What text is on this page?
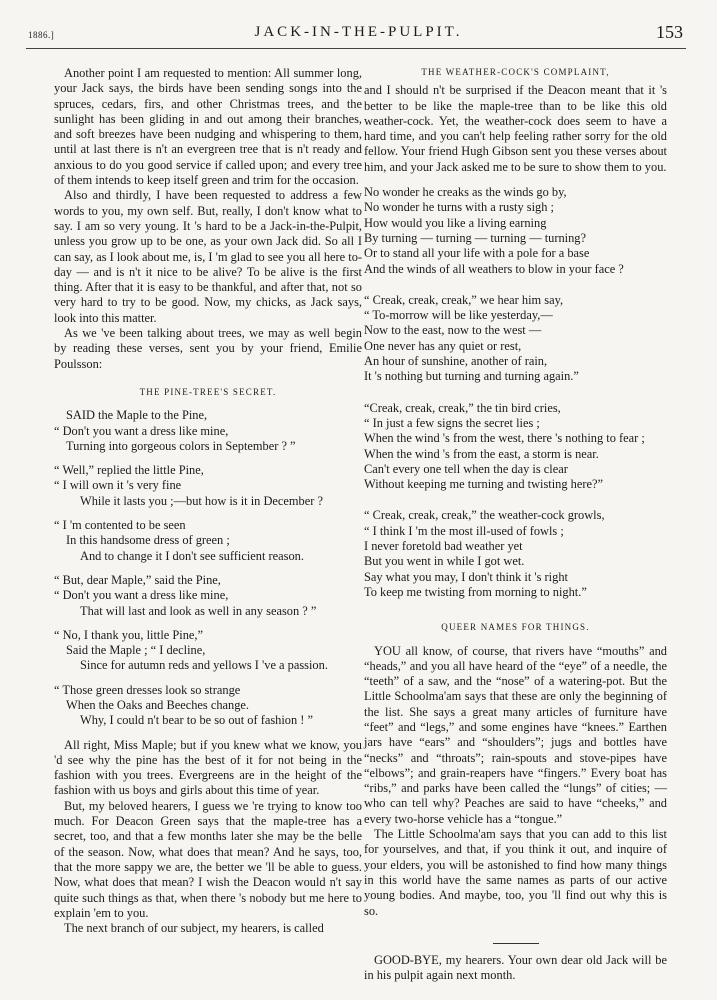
1886.]	JACK-IN-THE-PULPIT.	153

Another point I am requested to mention: All summer long, your Jack says, the birds have been sending songs into the spruces, cedars, firs, and other Christmas trees, and the sunlight has been gliding in and out among their branches, and soft breezes have been nudging and whispering to them, until at last there is n't an evergreen tree that is n't ready and anxious to do you good service if called upon; and every tree of them intends to keep itself green and trim for the occasion.

Also and thirdly, I have been requested to address a few words to you, my own self. But, really, I don't know what to say. I am so very young. It 's hard to be a Jack-in-the-Pulpit, unless you grow up to be one, as your own Jack did. So all I can say, as I look about me, is, I 'm glad to see you all here to-day — and is n't it nice to be alive? To be alive is the first thing. After that it is easy to be thankful, and after that, not so very hard to try to be good. Now, my chicks, as Jack says, look into this matter.

As we 've been talking about trees, we may as well begin by reading these verses, sent you by your friend, Emilie Poulsson:

THE PINE-TREE'S SECRET.
SAID the Maple to the Pine,
“ Don't you want a dress like mine,
Turning into gorgeous colors in September ? ”
“ Well,” replied the little Pine,
“ I will own it 's very fine
While it lasts you ;—but how is it in December ?
“ I 'm contented to be seen
In this handsome dress of green ;
And to change it I don't see sufficient reason.
“ But, dear Maple,” said the Pine,
“ Don't you want a dress like mine,
That will last and look as well in any season ? ”
“ No, I thank you, little Pine,”
Said the Maple ; “ I decline,
Since for autumn reds and yellows I 've a passion.
“ Those green dresses look so strange
When the Oaks and Beeches change.
Why, I could n't bear to be so out of fashion ! ”

All right, Miss Maple; but if you knew what we know, you 'd see why the pine has the best of it for not being in the fashion with you trees. Evergreens are in the height of the fashion with us boys and girls about this time of year.

But, my beloved hearers, I guess we 're trying to know too much. For Deacon Green says that the maple-tree has a secret, too, and that a few months later she may be the belle of the season. Now, what does that mean? And he says, too, that the more sappy we are, the better we 'll be able to guess. Now, what does that mean? I wish the Deacon would n't say quite such things as that, when there 's nobody but me here to explain 'em to you.

The next branch of our subject, my hearers, is called

THE WEATHER-COCK'S COMPLAINT,

and I should n't be surprised if the Deacon meant that it 's better to be like the maple-tree than to be like this old weather-cock. Yet, the weather-cock does seem to have a hard time, and you can't help feeling rather sorry for the old fellow. Your friend Hugh Gibson sent you these verses about him, and your Jack asked me to be sure to show them to you.

No wonder he creaks as the winds go by,
No wonder he turns with a rusty sigh ;
How would you like a living earning
By turning — turning — turning — turning?
Or to stand all your life with a pole for a base
And the winds of all weathers to blow in your face ?
“ Creak, creak, creak,” we hear him say,
“ To-morrow will be like yesterday,—
Now to the east, now to the west —
One never has any quiet or rest,
An hour of sunshine, another of rain,
It 's nothing but turning and turning again.”
“Creak, creak, creak,” the tin bird cries,
“ In just a few signs the secret lies ;
When the wind 's from the west, there 's nothing to fear ;
When the wind 's from the east, a storm is near.
Can't every one tell when the day is clear
Without keeping me turning and twisting here?”
“ Creak, creak, creak,” the weather-cock growls,
“ I think I 'm the most ill-used of fowls ;
I never foretold bad weather yet
But you went in while I got wet.
Say what you may, I don't think it 's right
To keep me twisting from morning to night.”
QUEER NAMES FOR THINGS.

YOU all know, of course, that rivers have “mouths” and “heads,” and you all have heard of the “eye” of a needle, the “teeth” of a saw, and the “nose” of a watering-pot. But the Little Schoolma'am says that these are only the beginning of the list. She says a great many articles of furniture have “feet” and “legs,” and some engines have “knees.” Earthen jars have “ears” and “shoulders”; jugs and bottles have “necks” and “throats”; rain-spouts and stove-pipes have “elbows”; and grain-reapers have “fingers.” Every boat has “ribs,” and parks have been called the “lungs” of cities; — who can tell why? Peaches are said to have “cheeks,” and every two-horse vehicle has a “tongue.”

The Little Schoolma'am says that you can add to this list for yourselves, and that, if you think it out, and inquire of your elders, you will be astonished to find how many things in this world have the same names as parts of our active young bodies. And maybe, too, you 'll find out why this is so.

GOOD-BYE, my hearers. Your own dear old Jack will be in his pulpit again next month.
